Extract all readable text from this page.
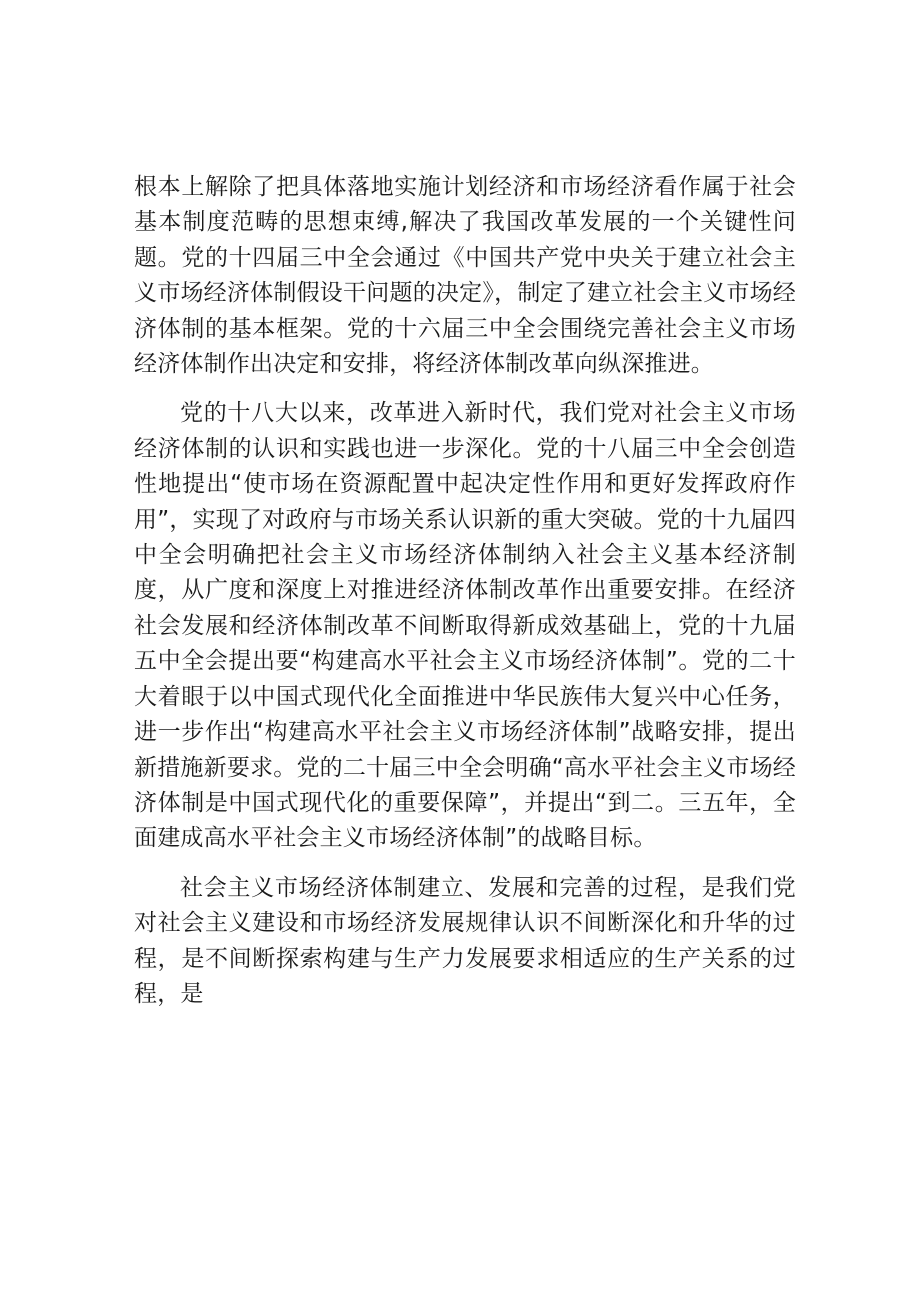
根本上解除了把具体落地实施计划经济和市场经济看作属于社会基本制度范畴的思想束缚,解决了我国改革发展的一个关键性问题。党的十四届三中全会通过《中国共产党中央关于建立社会主义市场经济体制假设干问题的决定》，制定了建立社会主义市场经济体制的基本框架。党的十六届三中全会围绕完善社会主义市场经济体制作出决定和安排，将经济体制改革向纵深推进。

党的十八大以来，改革进入新时代，我们党对社会主义市场经济体制的认识和实践也进一步深化。党的十八届三中全会创造性地提出“使市场在资源配置中起决定性作用和更好发挥政府作用”，实现了对政府与市场关系认识新的重大突破。党的十九届四中全会明确把社会主义市场经济体制纳入社会主义基本经济制度，从广度和深度上对推进经济体制改革作出重要安排。在经济社会发展和经济体制改革不间断取得新成效基础上，党的十九届五中全会提出要“构建高水平社会主义市场经济体制”。党的二十大着眼于以中国式现代化全面推进中华民族伟大复兴中心任务，进一步作出“构建高水平社会主义市场经济体制”战略安排，提出新措施新要求。党的二十届三中全会明确“高水平社会主义市场经济体制是中国式现代化的重要保障”，并提出“到二。三五年，全面建成高水平社会主义市场经济体制”的战略目标。

社会主义市场经济体制建立、发展和完善的过程，是我们党对社会主义建设和市场经济发展规律认识不间断深化和升华的过程，是不间断探索构建与生产力发展要求相适应的生产关系的过程，是
